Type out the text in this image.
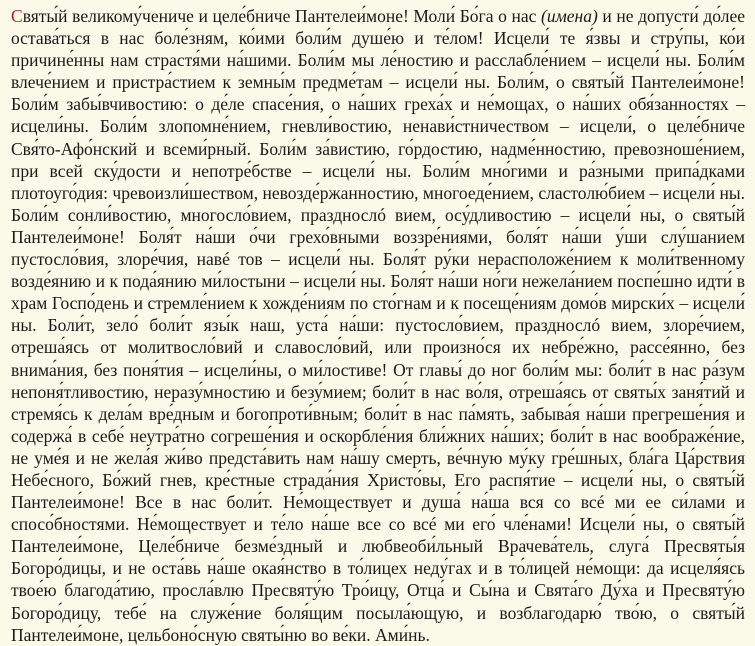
Святы́й великому́чениче и целе́бниче Пантелеи́моне! Моли́ Бо́га о нас (имена) и не допусти́ до́лее остава́ться в нас боле́зням, ко́ими боли́м душе́ю и те́лом! Исцели́ те я́звы и стру́пы, ко́и причине́нны нам страстя́ми на́шими. Боли́м мы ле́ностию и расслабле́нием – исцели́ ны. Боли́м влече́нием и пристра́стием к земны́м предме́там – исцели́ ны. Боли́м, о святы́й Пантелеи́моне! Боли́м забы́вчивостию: о де́ле спасе́ния, о на́ших греха́х и не́мощах, о на́ших обя́занностях – исцели́ны. Боли́м злопомне́нием, гневли́востию, ненави́стничеством – исцели́, о целе́бниче Свя́то-Афо́нский и всеми́рный. Боли́м за́вистию, го́рдостию, надме́нностию, превозноше́нием, при всей ску́дости и непотре́бстве – исцели́ ны. Боли́м мно́гими и ра́зными припа́дками плотоуго́дия: чревоизли́шеством, невозде́ржанностию, многоеде́нием, сластолю́бием – исцели́ ны. Боли́м сонли́востию, многосло́вием, празднослó вием, осу́дливостию – исцели́ ны, о святы́й Пантелеи́моне! Боля́т на́ши о́чи грехо́вными воззре́ниями, боля́т на́ши у́ши слу́шанием пустосло́вия, злоре́чия, навé тов – исцели́ ны. Боля́т ру́ки нерасположе́нием к моли́твенному возде́янию и к пода́янию ми́лостыни – исцели́ ны. Боля́т на́ши но́ги нежела́нием поспе́шно идти́ в храм Госпо́день и стремле́нием к хожде́ниям по сто́гнам и к посеще́ниям домо́в мирски́х – исцели́ ны. Боли́т, зело́ боли́т язы́к наш, уста́ на́ши: пустосло́вием, празднослó вием, злоре́чием, отреша́ясь от молитвосло́вий и славосло́вий, или произно́ся их небре́жно, рассе́янно, без внима́ния, без поня́тия – исцели́ны, о ми́лостиве! От главы́ до ног боли́м мы: боли́т в нас ра́зум непоня́тливостию, неразу́мностию и безу́мием; боли́т в нас во́ля, отреша́ясь от святы́х заня́тий и стремя́сь к дела́м вре́дным и богопроти́вным; боли́т в нас па́мять, забыва́я на́ши прегреше́ния и содержа́ в себе́ неутра́тно согреше́ния и оскорбле́ния бли́жних на́ших; боли́т в нас воображе́ние, не уме́я и не жела́я жи́во предста́вить нам на́шу смерть, ве́чную му́ку гре́шных, бла́га Ца́рствия Небе́сного, Бо́жий гнев, кре́стные страда́ния Христо́вы, Его распя́тие – исцели́ ны, о святы́й Пантелеи́моне! Все в нас боли́т. Не́моществует и душа́ на́ша вся со всé ми ее си́лами и спосо́бностями. Не́моществует и те́ло на́ше все со всé ми его́ чле́нами! Исцели́ ны, о святы́й Пантелеи́моне, Целе́бниче безме́здный и любвеоби́льный Врачева́тель, слуга́ Пресвяты́я Богоро́дицы, и не оста́вь на́ше окая́нство в то́лицех неду́гах и в то́лицей не́мощи: да исцеля́ясь твое́ю благода́тию, просла́влю Пресвяту́ю Тро́ицу, Отца́ и Сы́на и Свята́го Ду́ха и Пресвяту́ю Богоро́дицу, тебе́ на служе́ние боля́щим посыла́ющую, и возблагодарю́ тво́ю, о святы́й Пантелеи́моне, цельбоно́сную святы́ню во ве́ки. Ами́нь.
